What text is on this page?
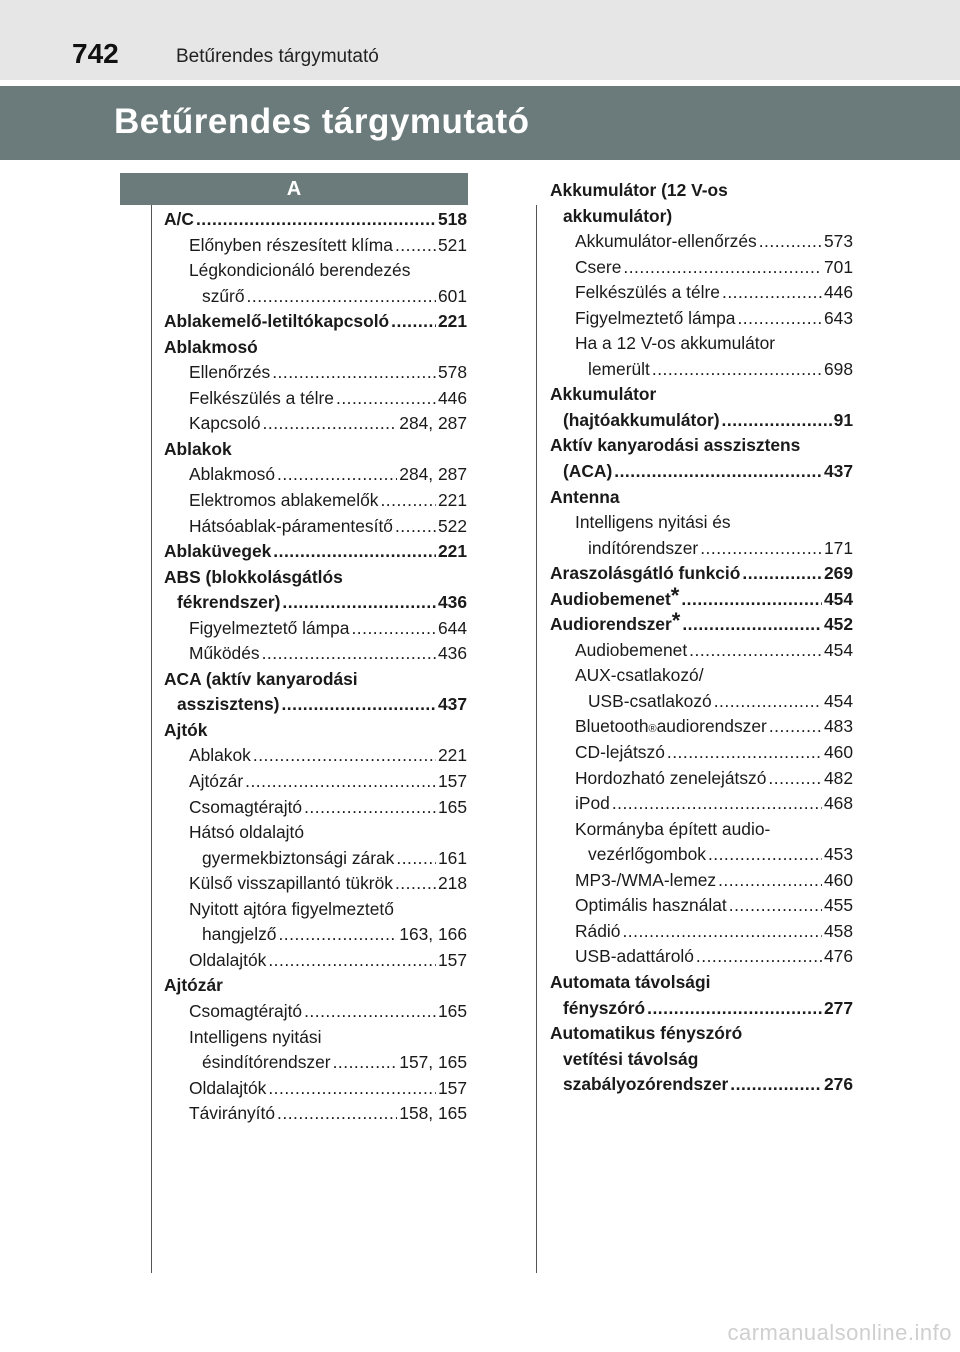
742	Betűrendes tárgymutató
Betűrendes tárgymutató
A
A/C .....	518
Előnyben részesített klíma .....	521
Légkondicionáló berendezés
szűrő .....	601
Ablakemelő-letiltókapcsoló .....	221
Ablakmosó
Ellenőrzés .....	578
Felkészülés a télre .....	446
Kapcsoló .....	284, 287
Ablakok
Ablakmosó .....	284, 287
Elektromos ablakemelők .....	221
Hátsóablak-páramentesítő .....	522
Ablaküvegek .....	221
ABS (blokkolásgátlós
fékrendszer) .....	436
Figyelmeztető lámpa .....	644
Működés .....	436
ACA (aktív kanyarodási
asszisztens) .....	437
Ajtók
Ablakok .....	221
Ajtózár .....	157
Csomagtérajtó .....	165
Hátsó oldalajtó
gyermekbiztonsági zárak .....	161
Külső visszapillantó tükrök .....	218
Nyitott ajtóra figyelmeztető
hangjelző .....	163, 166
Oldalajtók .....	157
Ajtózár
Csomagtérajtó .....	165
Intelligens nyitási
ésindítórendszer .....	157, 165
Oldalajtók .....	157
Távirányító .....	158, 165
Akkumulátor (12 V-os
akkumulátor)
Akkumulátor-ellenőrzés .....	573
Csere .....	701
Felkészülés a télre .....	446
Figyelmeztető lámpa .....	643
Ha a 12 V-os akkumulátor
lemerült .....	698
Akkumulátor
(hajtóakkumulátor) .....	91
Aktív kanyarodási asszisztens
(ACA) .....	437
Antenna
Intelligens nyitási és
indítórendszer .....	171
Araszolásgátló funkció .....	269
Audiobemenet * .....	454
Audiorendszer * .....	452
Audiobemenet .....	454
AUX-csatlakozó/
USB-csatlakozó .....	454
Bluetooth ® audiorendszer .....	483
CD-lejátszó .....	460
Hordozható zenelejátszó .....	482
iPod .....	468
Kormányba épített audio-
vezérlőgombok .....	453
MP3-/WMA-lemez .....	460
Optimális használat .....	455
Rádió .....	458
USB-adattároló .....	476
Automata távolsági
fényszóró .....	277
Automatikus fényszóró
vetítési távolság
szabályozórendszer .....	276
carmanualsonline.info
